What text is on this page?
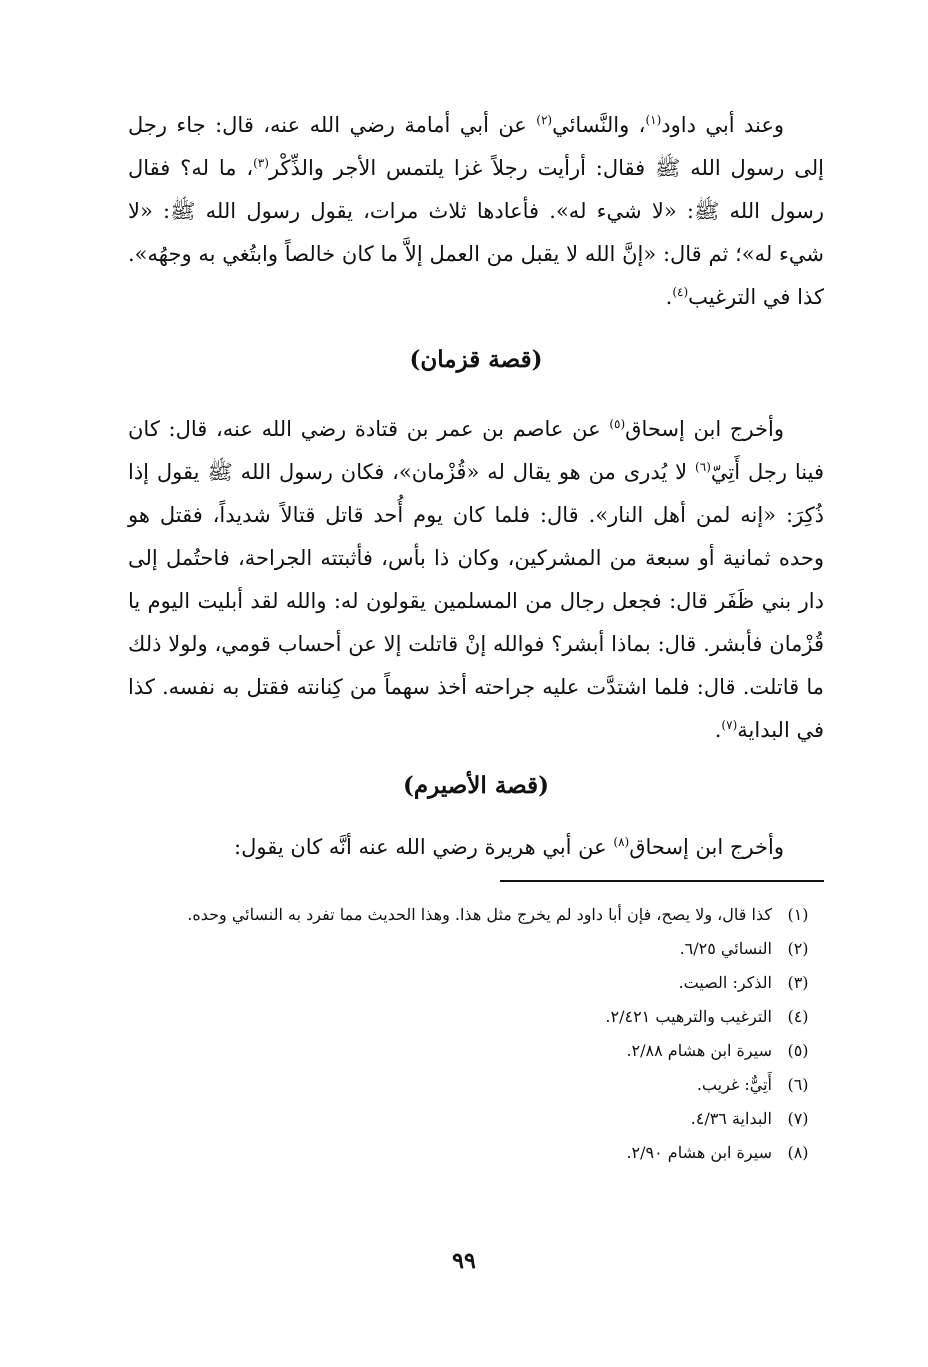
وعند أبي داود$^{(١)}$، والنَّسائي$^{(٢)}$ عن أبي أمامة رضي الله عنه، قال: جاء رجل إلى رسول الله ﷺ فقال: أرأيت رجلاً غزا يلتمس الأجر والذِّكْر$^{(٣)}$، ما له؟ فقال رسول الله ﷺ: «لا شيء له». فأعادها ثلاث مرات، يقول رسول الله ﷺ: «لا شيء له»؛ ثم قال: «إنَّ الله لا يقبل من العمل إلاَّ ما كان خالصاً وابتُغي به وجهُه». كذا في الترغيب$^{(٤)}$.

(قصة قزمان)

وأخرج ابن إسحاق$^{(٥)}$ عن عاصم بن عمر بن قتادة رضي الله عنه، قال: كان فينا رجل أَتِيّ$^{(٦)}$ لا يُدرى من هو يقال له «قُزْمان»، فكان رسول الله ﷺ يقول إذا ذُكِرَ: «إنه لمن أهل النار». قال: فلما كان يوم أُحد قاتل قتالاً شديداً، فقتل هو وحده ثمانية أو سبعة من المشركين، وكان ذا بأس، فأثبتته الجراحة، فاحتُمل إلى دار بني ظَفَر قال: فجعل رجال من المسلمين يقولون له: والله لقد أبليت اليوم يا قُزْمان فأبشر. قال: بماذا أبشر؟ فوالله إنْ قاتلت إلا عن أحساب قومي، ولولا ذلك ما قاتلت. قال: فلما اشتدَّت عليه جراحته أخذ سهماً من كِنانته فقتل به نفسه. كذا في البداية$^{(٧)}$.

(قصة الأصيرم)

وأخرج ابن إسحاق$^{(٨)}$ عن أبي هريرة رضي الله عنه أنَّه كان يقول:

(١)
كذا قال، ولا يصح، فإن أبا داود لم يخرج مثل هذا. وهذا الحديث مما تفرد به النسائي وحده.
(٢)
النسائي ٦/٢٥.
(٣)
الذكر: الصيت.
(٤)
الترغيب والترهيب ٢/٤٢١.
(٥)
سيرة ابن هشام ٢/٨٨.
(٦)
أَتِيٌّ: غريب.
(٧)
البداية ٤/٣٦.
(٨)
سيرة ابن هشام ٢/٩٠.
٩٩
